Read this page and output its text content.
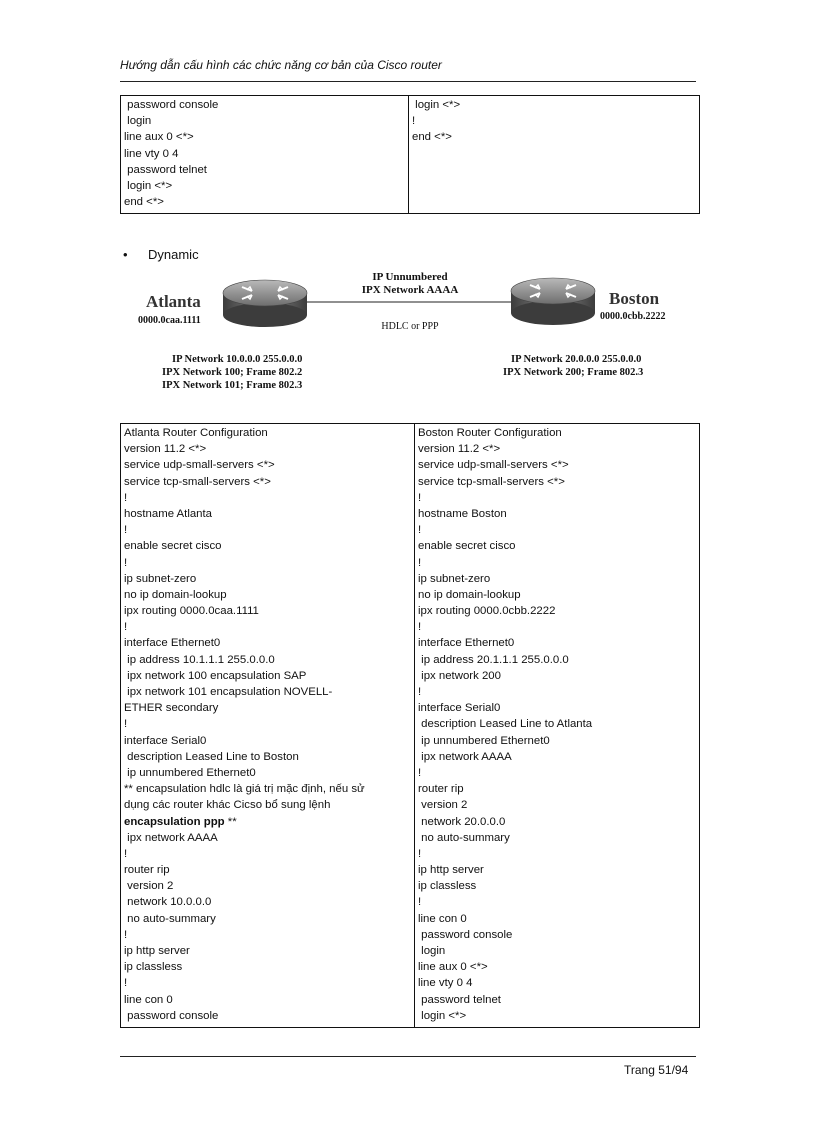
Hướng dẫn cấu hình các chức năng cơ bản của Cisco router
password console
login
line aux 0 <*>
line vty 0 4
password telnet
login <*>
end <*>

login <*>
!
end <*>
• Dynamic
IP Unnumbered
IPX Network AAAA
HDLC or PPP
Atlanta
0000.0caa.1111
IP Network 10.0.0.0 255.0.0.0
IPX Network 100; Frame 802.2
IPX Network 101; Frame 802.3
Boston
0000.0cbb.2222
IP Network 20.0.0.0 255.0.0.0
IPX Network 200; Frame 802.3
Atlanta Router Configuration
version 11.2 <*>
service udp-small-servers <*>
service tcp-small-servers <*>
!
hostname Atlanta
!
enable secret cisco
!
ip subnet-zero
no ip domain-lookup
ipx routing 0000.0caa.1111
!
interface Ethernet0
ip address 10.1.1.1 255.0.0.0
ipx network 100 encapsulation SAP
ipx network 101 encapsulation NOVELL-
ETHER secondary
!
interface Serial0
description Leased Line to Boston
ip unnumbered Ethernet0
** encapsulation hdlc là giá trị mặc định, nếu sử
dụng các router khác Cicso bổ sung lệnh
encapsulation ppp **
ipx network AAAA
!
router rip
version 2
network 10.0.0.0
no auto-summary
!
ip http server
ip classless
!
line con 0
password console

Boston Router Configuration
version 11.2 <*>
service udp-small-servers <*>
service tcp-small-servers <*>
!
hostname Boston
!
enable secret cisco
!
ip subnet-zero
no ip domain-lookup
ipx routing 0000.0cbb.2222
!
interface Ethernet0
ip address 20.1.1.1 255.0.0.0
ipx network 200
!
interface Serial0
description Leased Line to Atlanta
ip unnumbered Ethernet0
ipx network AAAA
!
router rip
version 2
network 20.0.0.0
no auto-summary
!
ip http server
ip classless
!
line con 0
password console
login
line aux 0 <*>
line vty 0 4
password telnet
login <*>
Trang 51/94
